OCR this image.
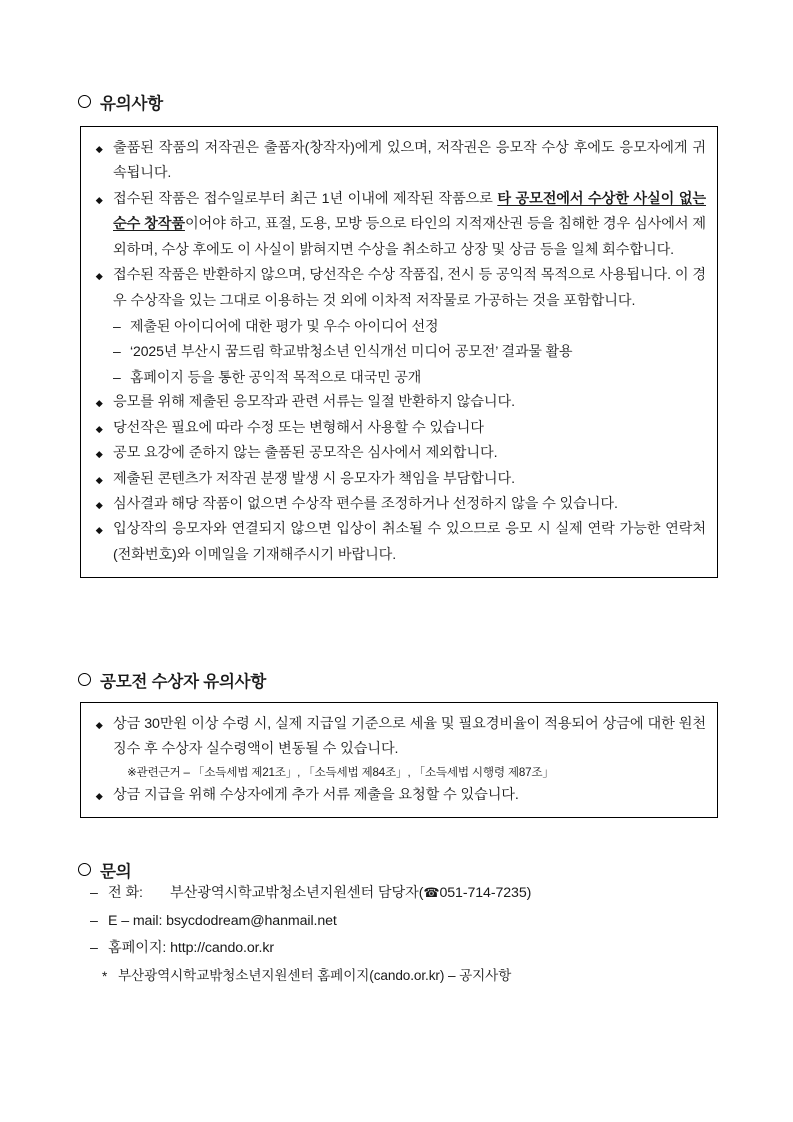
유의사항
출품된 작품의 저작권은 출품자(창작자)에게 있으며, 저작권은 응모작 수상 후에도 응모자에게 귀속됩니다.
접수된 작품은 접수일로부터 최근 1년 이내에 제작된 작품으로 타 공모전에서 수상한 사실이 없는 순수 창작품이어야 하고, 표절, 도용, 모방 등으로 타인의 지적재산권 등을 침해한 경우 심사에서 제외하며, 수상 후에도 이 사실이 밝혀지면 수상을 취소하고 상장 및 상금 등을 일체 회수합니다.
접수된 작품은 반환하지 않으며, 당선작은 수상 작품집, 전시 등 공익적 목적으로 사용됩니다. 이 경우 수상작을 있는 그대로 이용하는 것 외에 이차적 저작물로 가공하는 것을 포함합니다.
– 제출된 아이디어에 대한 평가 및 우수 아이디어 선정
– ‘2025년 부산시 꿈드림 학교밖청소년 인식개선 미디어 공모전’ 결과물 활용
– 홈페이지 등을 통한 공익적 목적으로 대국민 공개
응모를 위해 제출된 응모작과 관련 서류는 일절 반환하지 않습니다.
당선작은 필요에 따라 수정 또는 변형해서 사용할 수 있습니다
공모 요강에 준하지 않는 출품된 공모작은 심사에서 제외합니다.
제출된 콘텐츠가 저작권 분쟁 발생 시 응모자가 책임을 부담합니다.
심사결과 해당 작품이 없으면 수상작 편수를 조정하거나 선정하지 않을 수 있습니다.
입상작의 응모자와 연결되지 않으면 입상이 취소될 수 있으므로 응모 시 실제 연락 가능한 연락처(전화번호)와 이메일을 기재해주시기 바랍니다.
공모전 수상자 유의사항
상금 30만원 이상 수령 시, 실제 지급일 기준으로 세율 및 필요경비율이 적용되어 상금에 대한 원천징수 후 수상자 실수령액이 변동될 수 있습니다.
※관련근거 – 「소득세법 제21조」, 「소득세법 제84조」, 「소득세법 시행령 제87조」
상금 지급을 위해 수상자에게 추가 서류 제출을 요청할 수 있습니다.
문의
– 전 화: 부산광역시학교밖청소년지원센터 담당자(☎051-714-7235)
– E – mail: bsycdodream@hanmail.net
– 홈페이지: http://cando.or.kr
* 부산광역시학교밖청소년지원센터 홈페이지(cando.or.kr) – 공지사항
